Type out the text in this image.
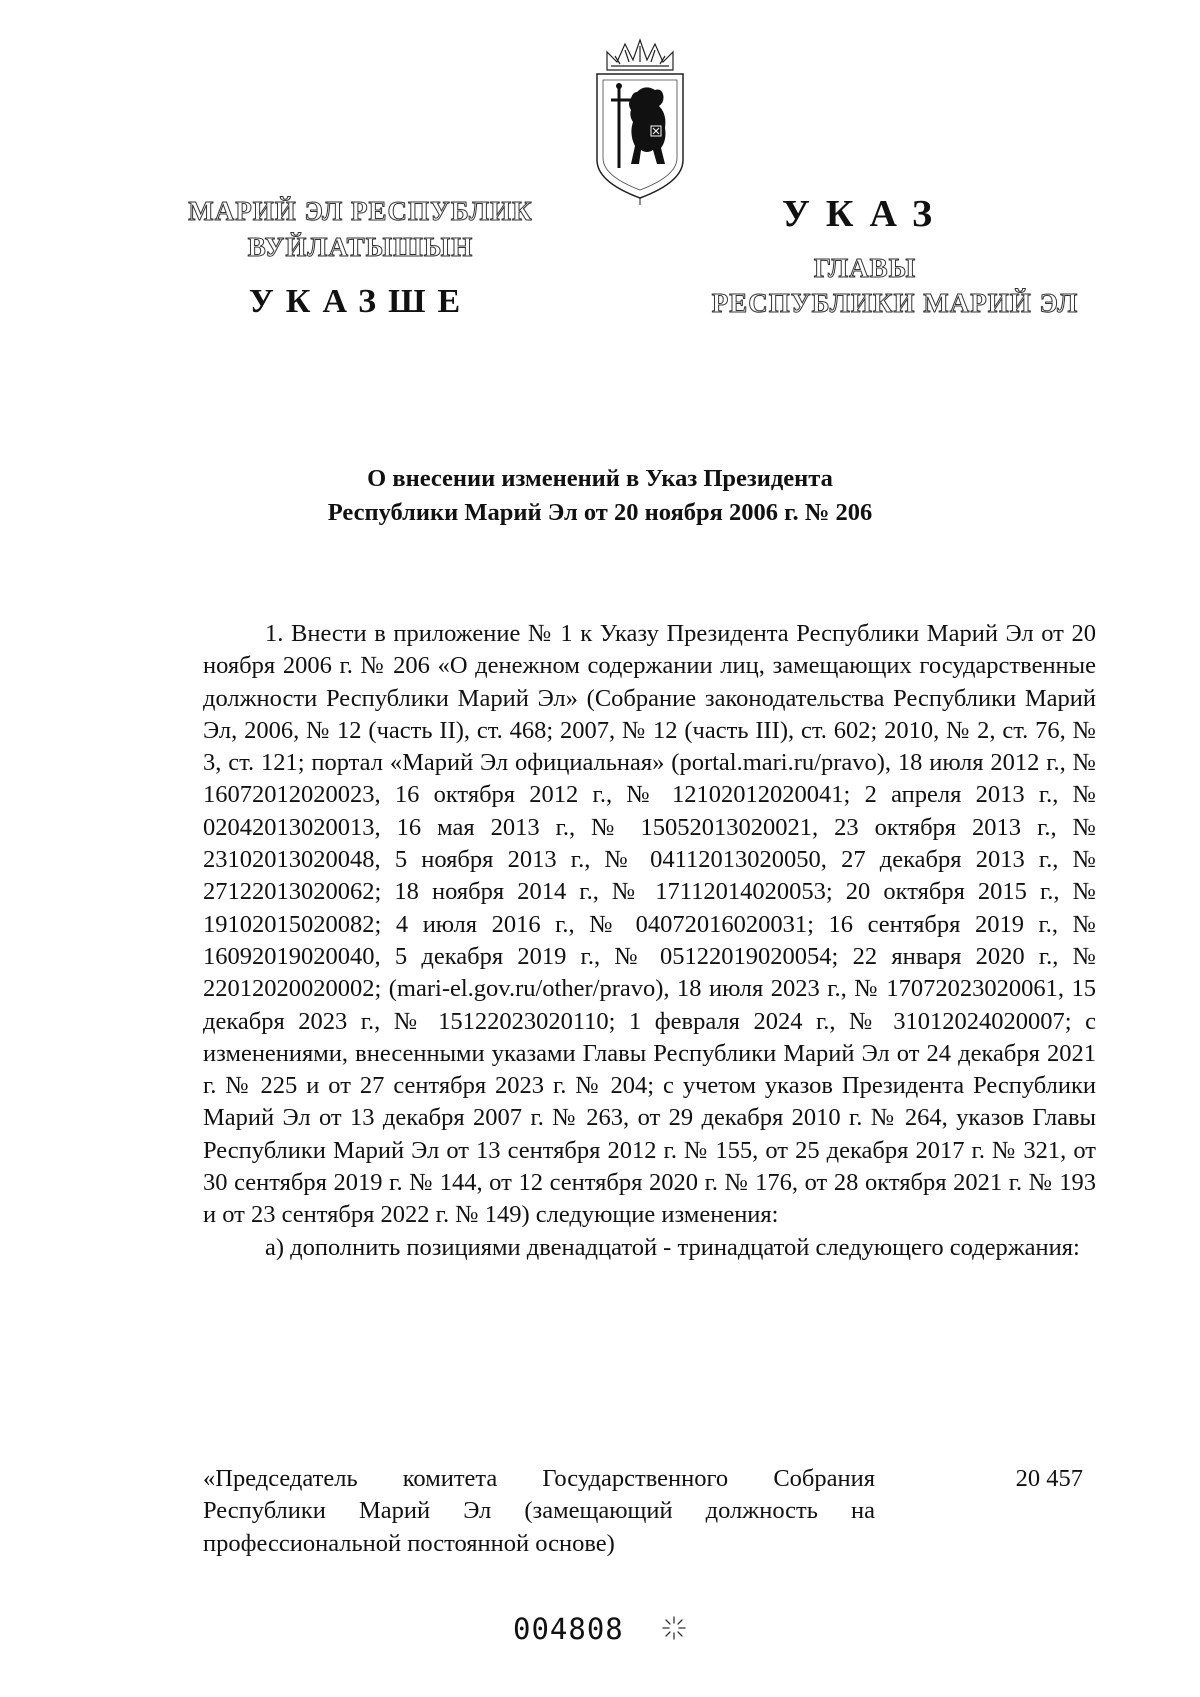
МАРИЙ ЭЛ РЕСПУБЛИК
ВУЙЛАТЫШЫН
УКАЗШЕ
УКАЗ
ГЛАВЫ
РЕСПУБЛИКИ МАРИЙ ЭЛ
О внесении изменений в Указ Президента
Республики Марий Эл от 20 ноября 2006 г. № 206

1. Внести в приложение № 1 к Указу Президента Республики Марий Эл от 20 ноября 2006 г. № 206 «О денежном содержании лиц, замещающих государственные должности Республики Марий Эл» (Собрание законодательства Республики Марий Эл, 2006, № 12 (часть II), ст. 468; 2007, № 12 (часть III), ст. 602; 2010, № 2, ст. 76, № 3, ст. 121; портал «Марий Эл официальная» (portal.mari.ru/pravo), 18 июля 2012 г., № 16072012020023, 16 октября 2012 г., № 12102012020041; 2 апреля 2013 г., № 02042013020013, 16 мая 2013 г., № 15052013020021, 23 октября 2013 г., № 23102013020048, 5 ноября 2013 г., № 04112013020050, 27 декабря 2013 г., № 27122013020062; 18 ноября 2014 г., № 17112014020053; 20 октября 2015 г., № 19102015020082; 4 июля 2016 г., № 04072016020031; 16 сентября 2019 г., № 16092019020040, 5 декабря 2019 г., № 05122019020054; 22 января 2020 г., № 22012020020002; (mari-el.gov.ru/other/pravo), 18 июля 2023 г., № 17072023020061, 15 декабря 2023 г., № 15122023020110; 1 февраля 2024 г., № 31012024020007; с изменениями, внесенными указами Главы Республики Марий Эл от 24 декабря 2021 г. № 225 и от 27 сентября 2023 г. № 204; с учетом указов Президента Республики Марий Эл от 13 декабря 2007 г. № 263, от 29 декабря 2010 г. № 264, указов Главы Республики Марий Эл от 13 сентября 2012 г. № 155, от 25 декабря 2017 г. № 321, от 30 сентября 2019 г. № 144, от 12 сентября 2020 г. № 176, от 28 октября 2021 г. № 193 и от 23 сентября 2022 г. № 149) следующие изменения:

а) дополнить позициями двенадцатой - тринадцатой следующего содержания:

«Председатель комитета Государственного Собрания Республики Марий Эл (замещающий должность на профессиональной постоянной основе)
20 457
004808
